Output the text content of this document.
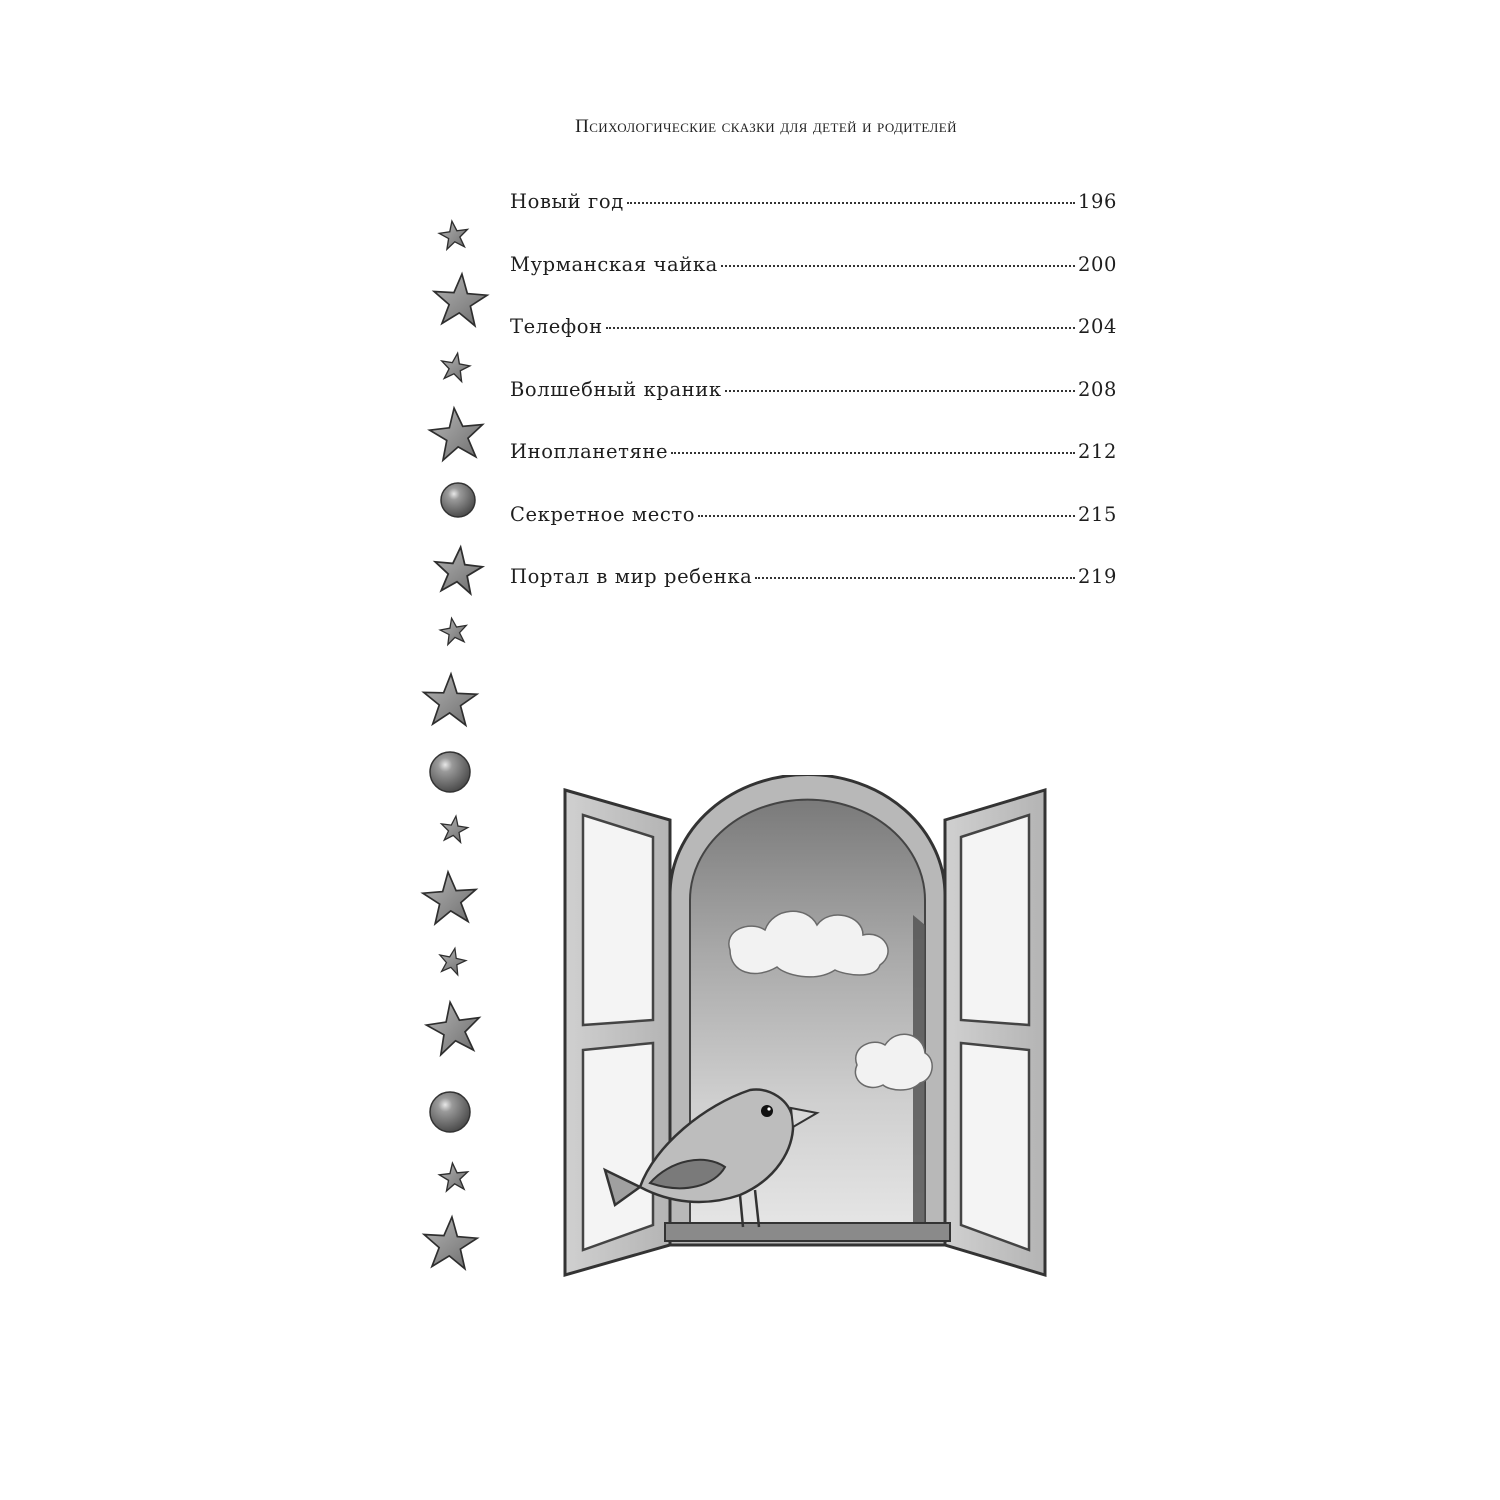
Психологические сказки для детей и родителей
Новый год	196
Мурманская чайка	200
Телефон	204
Волшебный краник	208
Инопланетяне	212
Секретное место	215
Портал в мир ребенка	219
